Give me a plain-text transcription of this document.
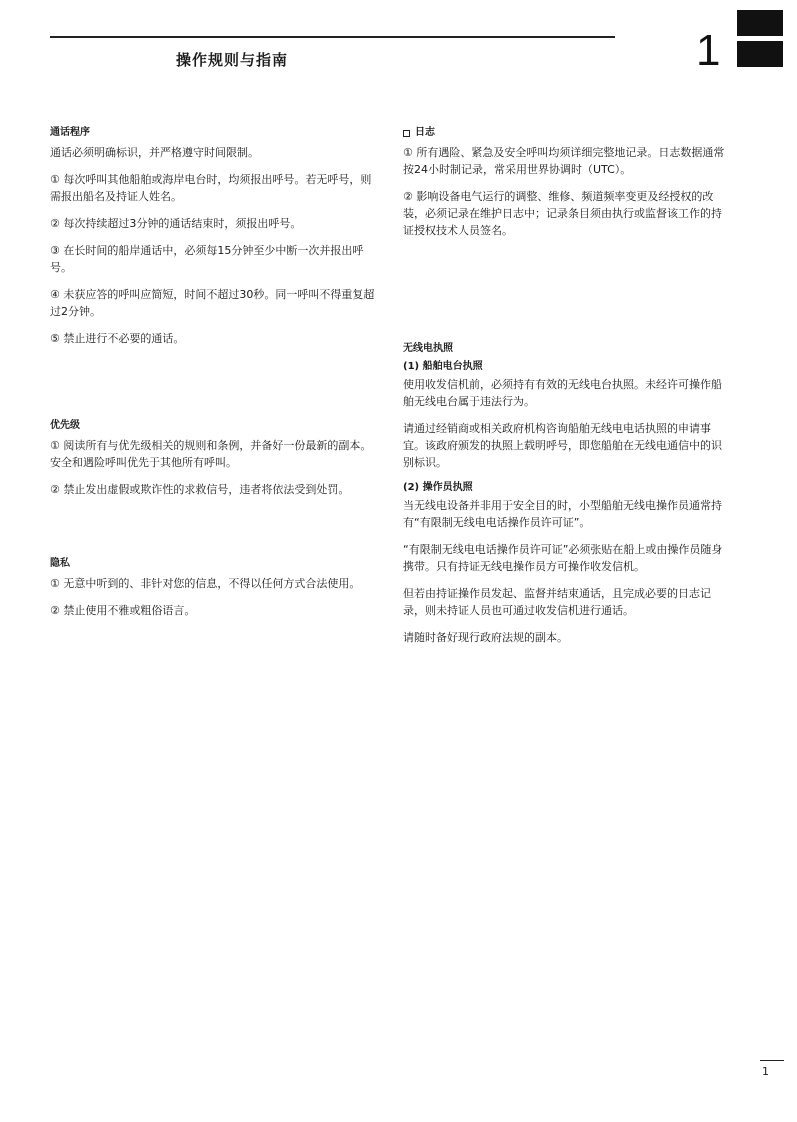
操作规则与指南	1
通话程序

通话必须明确标识，并严格遵守时间限制。

① 每次呼叫其他船舶或海岸电台时，均须报出呼号。若无呼号，则需报出船名及持证人姓名。

② 每次持续超过3分钟的通话结束时，须报出呼号。

③ 在长时间的船岸通话中，必须每15分钟至少中断一次并报出呼号。

④ 未获应答的呼叫应简短，时间不超过30秒。同一呼叫不得重复超过2分钟。

⑤ 禁止进行不必要的通话。

优先级

① 阅读所有与优先级相关的规则和条例，并备好一份最新的副本。安全和遇险呼叫优先于其他所有呼叫。

② 禁止发出虚假或欺诈性的求救信号，违者将依法受到处罚。

隐私

① 无意中听到的、非针对您的信息，不得以任何方式合法使用。

② 禁止使用不雅或粗俗语言。

日志

① 所有遇险、紧急及安全呼叫均须详细完整地记录。日志数据通常按24小时制记录，常采用世界协调时（UTC）。

② 影响设备电气运行的调整、维修、频道频率变更及经授权的改装，必须记录在维护日志中；记录条目须由执行或监督该工作的持证授权技术人员签名。

无线电执照
(1) 船舶电台执照

使用收发信机前，必须持有有效的无线电台执照。未经许可操作船舶无线电台属于违法行为。

请通过经销商或相关政府机构咨询船舶无线电电话执照的申请事宜。该政府颁发的执照上载明呼号，即您船舶在无线电通信中的识别标识。

(2) 操作员执照

当无线电设备并非用于安全目的时，小型船舶无线电操作员通常持有“有限制无线电电话操作员许可证”。

“有限制无线电电话操作员许可证”必须张贴在船上或由操作员随身携带。只有持证无线电操作员方可操作收发信机。

但若由持证操作员发起、监督并结束通话，且完成必要的日志记录，则未持证人员也可通过收发信机进行通话。

请随时备好现行政府法规的副本。

1
